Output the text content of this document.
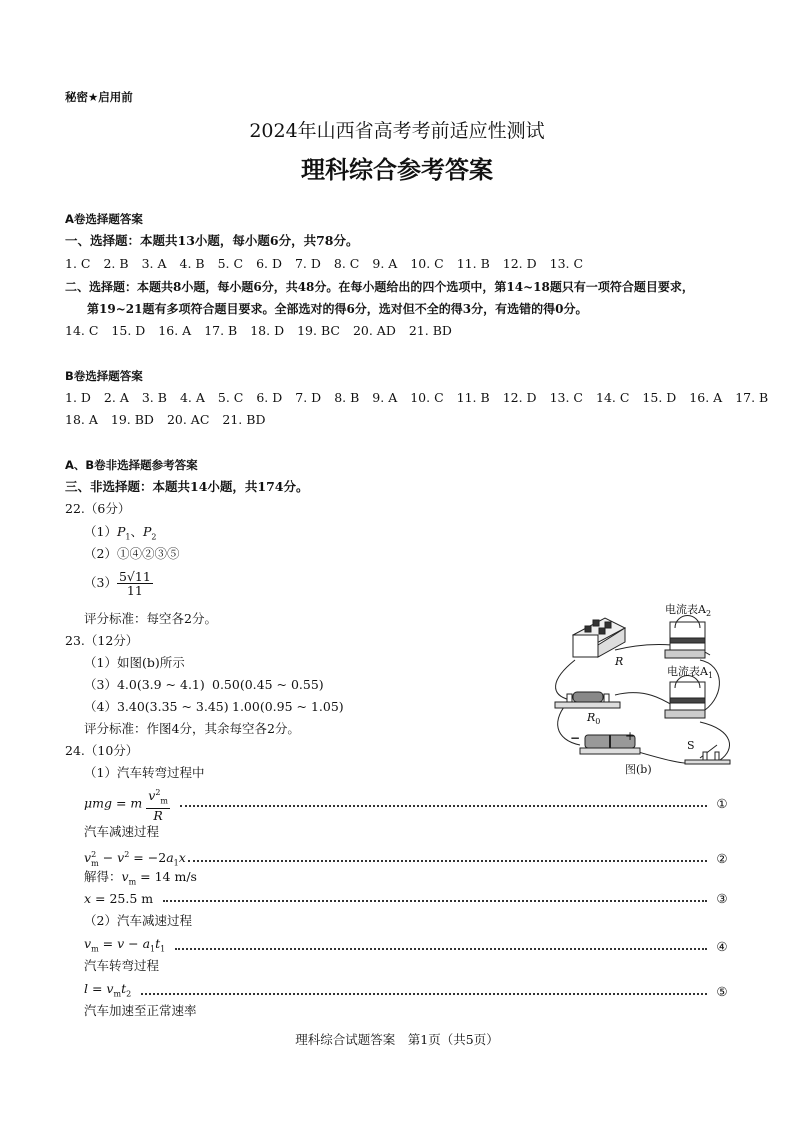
秘密★启用前
2024年山西省高考考前适应性测试
理科综合参考答案
A卷选择题答案
一、选择题：本题共13小题，每小题6分，共78分。
1. C 2. B 3. A 4. B 5. C 6. D 7. D 8. C 9. A 10. C 11. B 12. D 13. C
二、选择题：本题共8小题，每小题6分，共48分。在每小题给出的四个选项中，第14~18题只有一项符合题目要求，
第19~21题有多项符合题目要求。全部选对的得6分，选对但不全的得3分，有选错的得0分。
14. C 15. D 16. A 17. B 18. D 19. BC 20. AD 21. BD
B卷选择题答案
1. D 2. A 3. B 4. A 5. C 6. D 7. D 8. B 9. A 10. C 11. B 12. D 13. C 14. C 15. D 16. A 17. B
18. A 19. BD 20. AC 21. BD
A、B卷非选择题参考答案
三、非选择题：本题共14小题，共174分。
22.（6分）
$(1)P_1$、$P_2$
（2）①④②③⑤
$(3) \frac{5√11}{11}$
评分标准：每空各2分。
23.（12分）
（1）如图(b)所示
（3）4.0(3.9 ~ 4.1) 0.50(0.45 ~ 0.55)
（4）3.40(3.35 ~ 3.45) 1.00(0.95 ~ 1.05)
评分标准：作图4分，其余每空各2分。
电流表$A_2$
电流表$A_1$
R
$R_0$
−	+
S
图(b)
24.（10分）
（1）汽车转弯过程中
μmg = m $\frac{v^2_m}{R}$	①
汽车减速过程
$v^2_m - v^2 = -2a_1x$	②
解得：$v_m = 14$ m/s
x = 25.5 m	③
（2）汽车减速过程
$v_m = v - a_1t_1$	④
汽车转弯过程
$l = v_mt_2$	⑤
汽车加速至正常速率
理科综合试题答案　第1页（共5页）
